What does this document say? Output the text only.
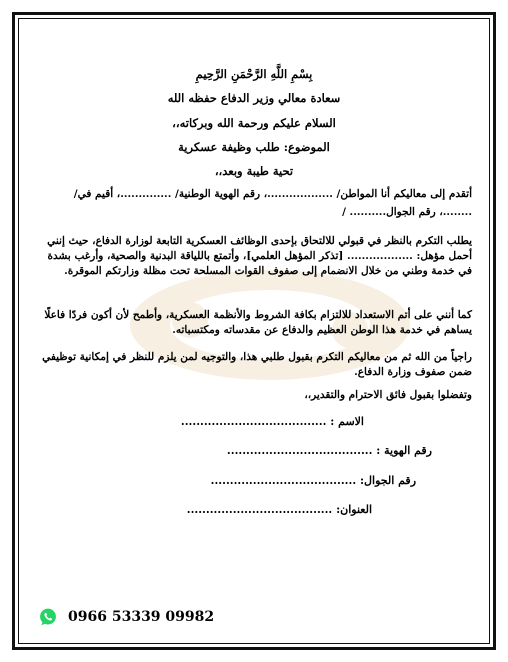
بِسْمِ اللَّهِ الرَّحْمَنِ الرَّحِيمِ
سعادة معالي وزير الدفاع حفظه الله
السلام عليكم ورحمة الله وبركاته،،
الموضوع: طلب وظيفة عسكرية
تحية طيبة وبعد،،
أتقدم إلى معاليكم أنا المواطن/ ..................، رقم الهوية الوطنية/ ..............، أقيم في/
........، رقم الجوال.......... /
يطلب التكرم بالنظر في قبولي للالتحاق بإحدى الوظائف العسكرية التابعة لوزارة الدفاع، حيث إنني أحمل مؤهل: .................. [تذكر المؤهل العلمي]، وأتمتع باللياقة البدنية والصحية، وأرغب بشدة في خدمة وطني من خلال الانضمام إلى صفوف القوات المسلحة تحت مظلة وزارتكم الموقرة.
كما أنني على أتم الاستعداد للالتزام بكافة الشروط والأنظمة العسكرية، وأطمح لأن أكون فردًا فاعلًا يساهم في خدمة هذا الوطن العظيم والدفاع عن مقدساته ومكتسباته.
راجياً من الله ثم من معاليكم التكرم بقبول طلبي هذا، والتوجيه لمن يلزم للنظر في إمكانية توظيفي ضمن صفوف وزارة الدفاع.
وتفضلوا بقبول فائق الاحترام والتقدير،،
الاسم : ......................................
رقم الهوية : ......................................
رقم الجوال: ......................................
العنوان: ......................................
0966 53339 09982
